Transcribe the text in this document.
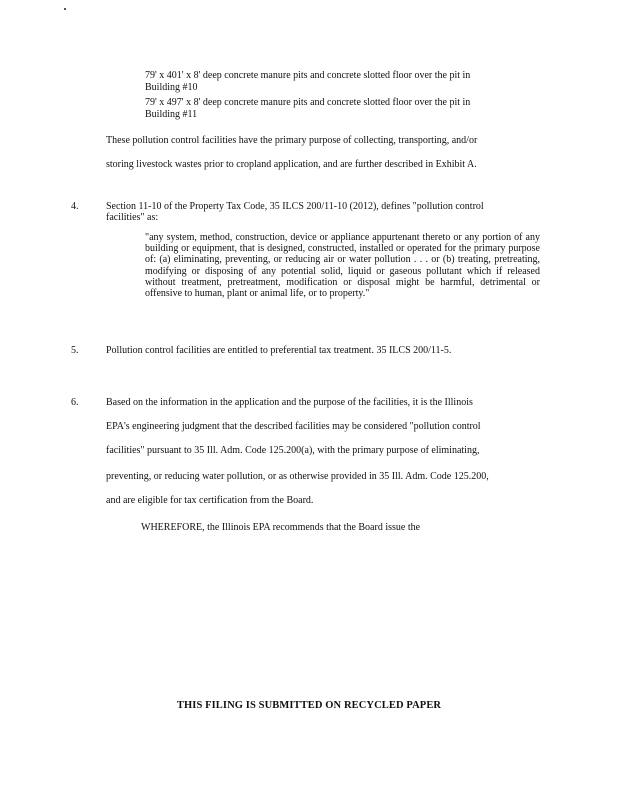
79' x 401' x 8' deep concrete manure pits and concrete slotted floor over the pit in
Building #10
79' x 497' x 8' deep concrete manure pits and concrete slotted floor over the pit in
Building #11
These pollution control facilities have the primary purpose of collecting, transporting, and/or
storing livestock wastes prior to cropland application, and are further described in Exhibit A.
4.	Section 11-10 of the Property Tax Code, 35 ILCS 200/11-10 (2012), defines "pollution control
facilities" as:
"any system, method, construction, device or appliance appurtenant thereto or any portion of any building or equipment, that is designed, constructed, installed or operated for the primary purpose of: (a) eliminating, preventing, or reducing air or water pollution . . . or (b) treating, pretreating, modifying or disposing of any potential solid, liquid or gaseous pollutant which if released without treatment, pretreatment, modification or disposal might be harmful, detrimental or offensive to human, plant or animal life, or to property."
5.	Pollution control facilities are entitled to preferential tax treatment. 35 ILCS 200/11-5.
6.	Based on the information in the application and the purpose of the facilities, it is the Illinois
EPA's engineering judgment that the described facilities may be considered "pollution control
facilities" pursuant to 35 Ill. Adm. Code 125.200(a), with the primary purpose of eliminating,
preventing, or reducing water pollution, or as otherwise provided in 35 Ill. Adm. Code 125.200,
and are eligible for tax certification from the Board.
WHEREFORE, the Illinois EPA recommends that the Board issue the
THIS FILING IS SUBMITTED ON RECYCLED PAPER
